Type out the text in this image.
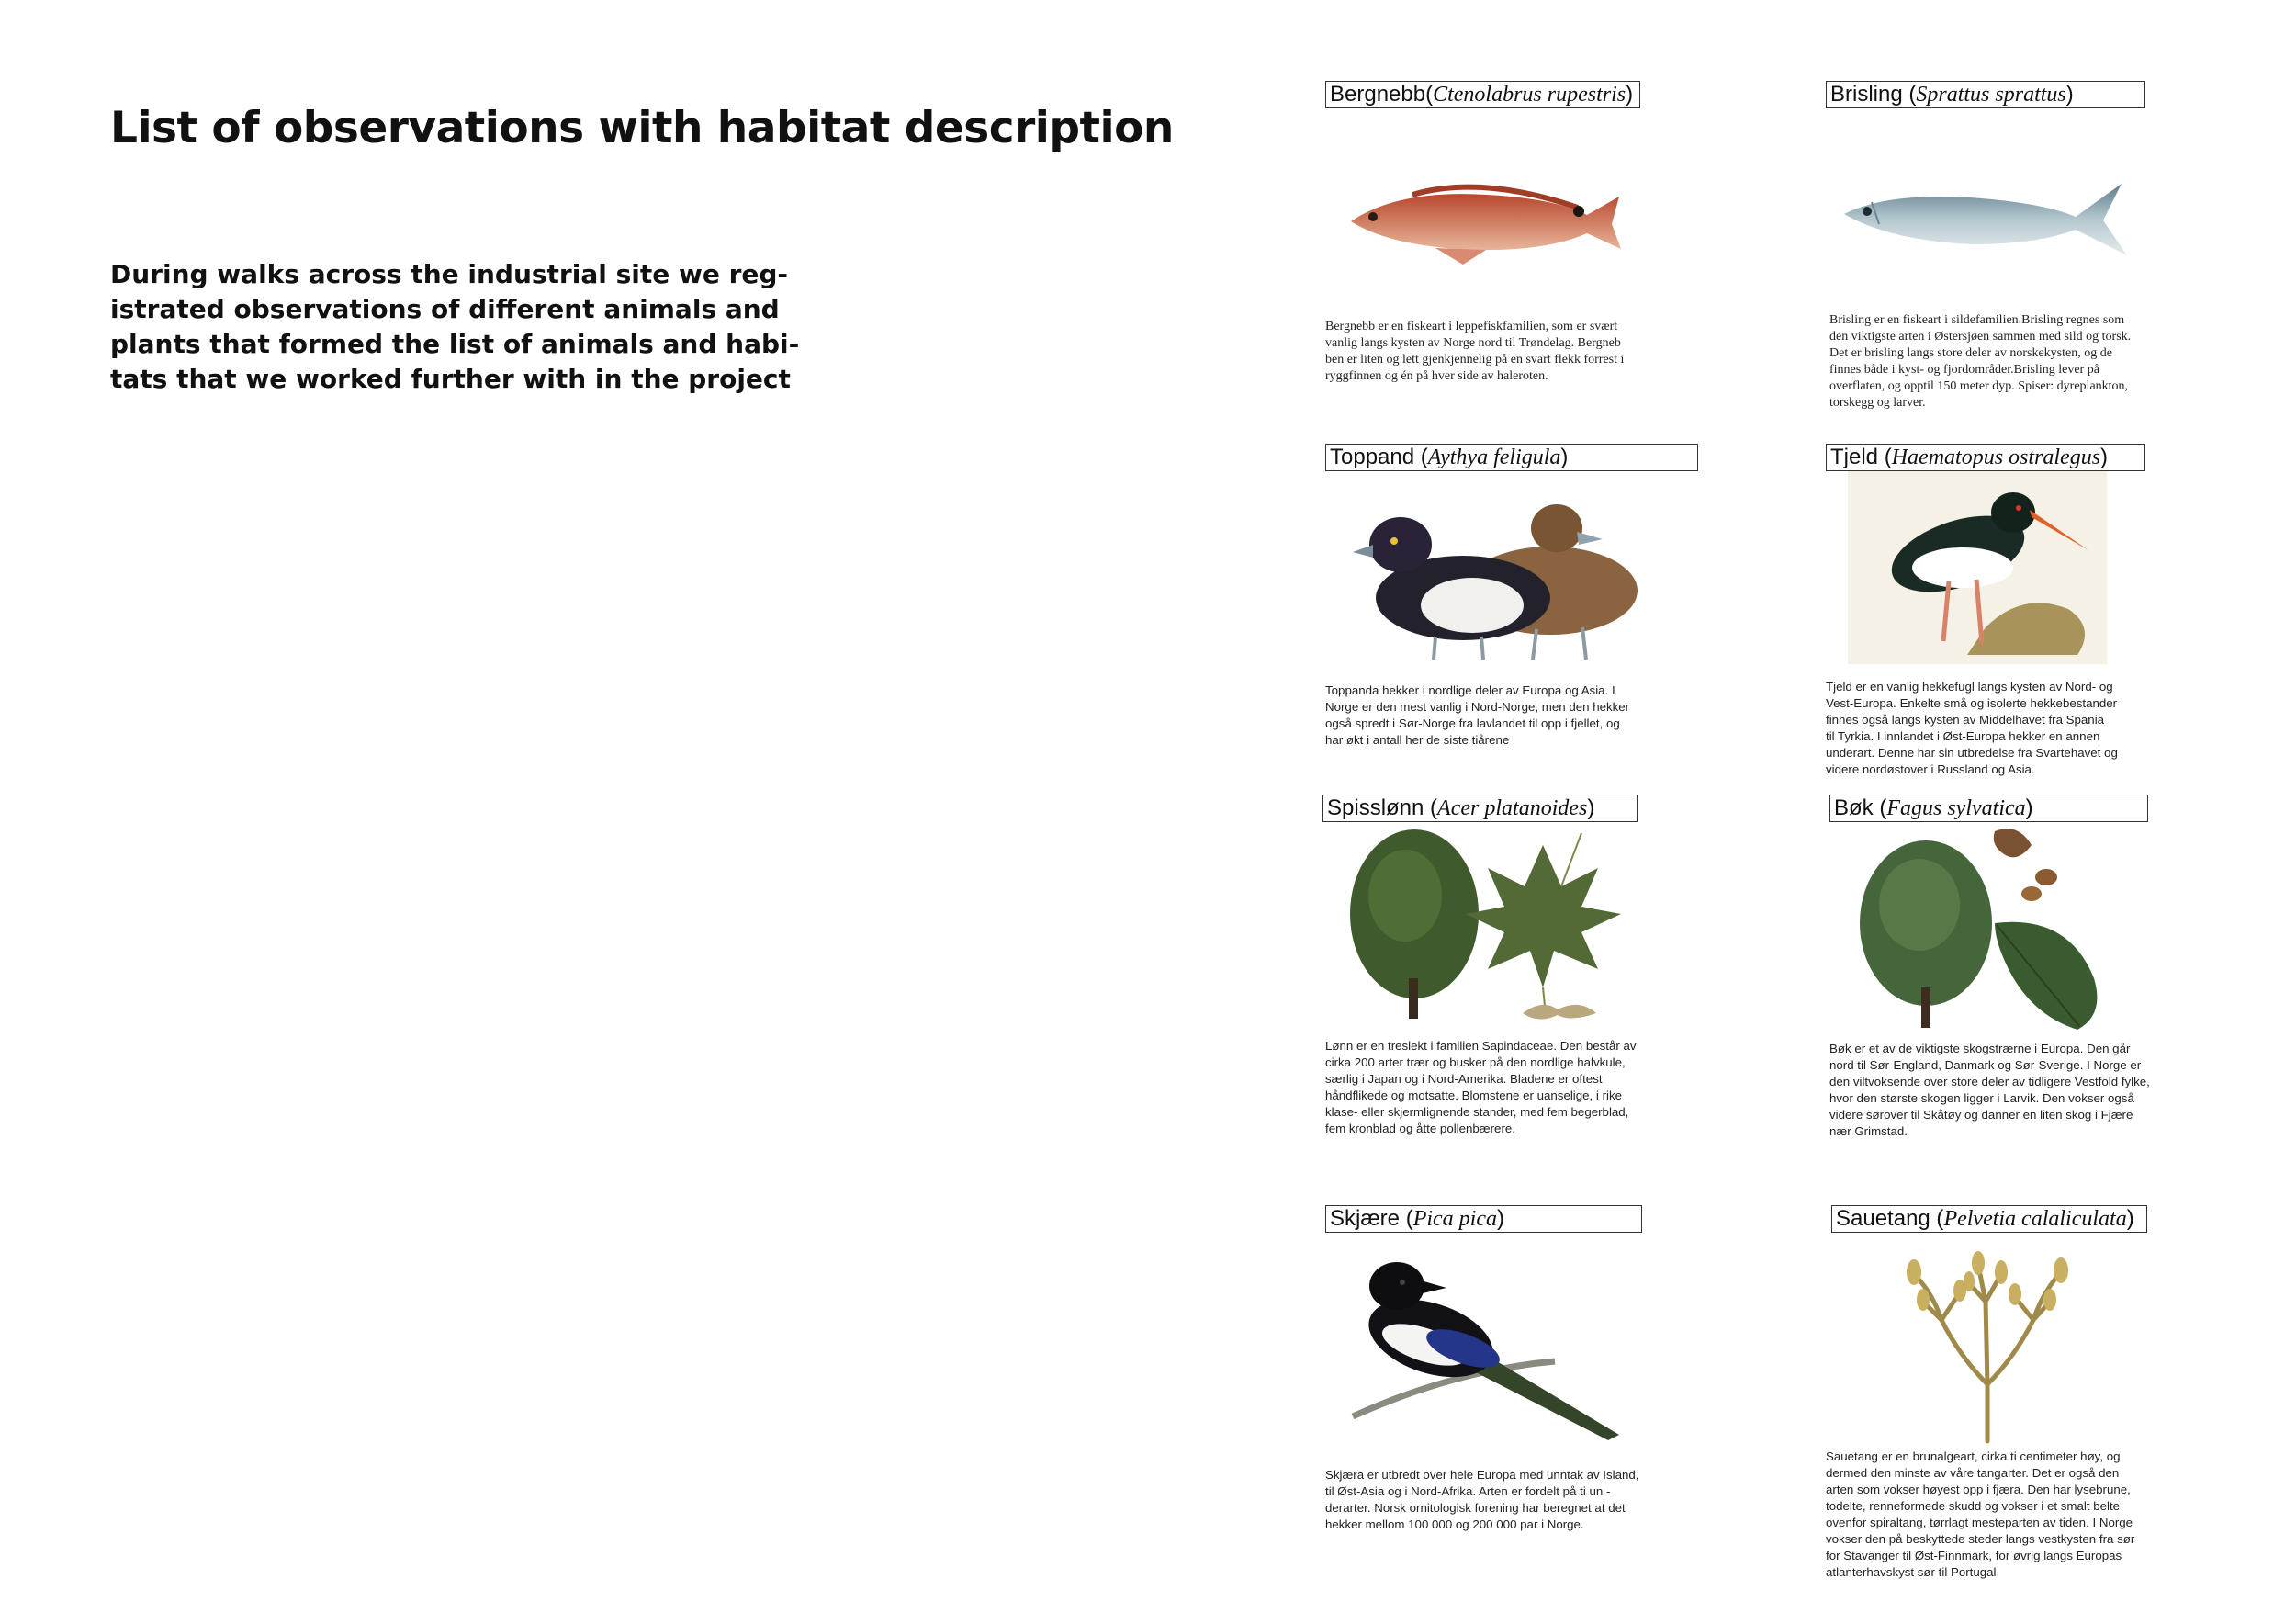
List of observations with habitat description
During walks across the industrial site we reg-
istrated observations of different animals and
plants that formed the list of animals and habi-
tats that we worked further with in the project
Bergnebb(Ctenolabrus rupestris)
Bergnebb er en fiskeart i leppefiskfamilien, som er svært
vanlig langs kysten av Norge nord til Trøndelag. Bergneb
ben er liten og lett gjenkjennelig på en svart flekk forrest i
ryggfinnen og én på hver side av haleroten.
Brisling (Sprattus sprattus)
Brisling er en fiskeart i sildefamilien.Brisling regnes som
den viktigste arten i Østersjøen sammen med sild og torsk.
Det er brisling langs store deler av norskekysten, og de
finnes både i kyst- og fjordområder.Brisling lever på
overflaten, og opptil 150 meter dyp. Spiser: dyreplankton,
torskegg og larver.
Toppand (Aythya feligula)
Toppanda hekker i nordlige deler av Europa og Asia. I
Norge er den mest vanlig i Nord-Norge, men den hekker
også spredt i Sør-Norge fra lavlandet til opp i fjellet, og
har økt i antall her de siste tiårene
Tjeld (Haematopus ostralegus)
Tjeld er en vanlig hekkefugl langs kysten av Nord- og
Vest-Europa. Enkelte små og isolerte hekkebestander
finnes også langs kysten av Middelhavet fra Spania
til Tyrkia. I innlandet i Øst-Europa hekker en annen
underart. Denne har sin utbredelse fra Svartehavet og
videre nordøstover i Russland og Asia.
Spisslønn (Acer platanoides)
Lønn er en treslekt i familien Sapindaceae. Den består av
cirka 200 arter trær og busker på den nordlige halvkule,
særlig i Japan og i Nord-Amerika. Bladene er oftest
håndflikede og motsatte. Blomstene er uanselige, i rike
klase- eller skjermlignende stander, med fem begerblad,
fem kronblad og åtte pollenbærere.
Bøk (Fagus sylvatica)
Bøk er et av de viktigste skogstrærne i Europa. Den går
nord til Sør-England, Danmark og Sør-Sverige. I Norge er
den viltvoksende over store deler av tidligere Vestfold fylke,
hvor den største skogen ligger i Larvik. Den vokser også
videre sørover til Skåtøy og danner en liten skog i Fjære
nær Grimstad.
Skjære (Pica pica)
Skjæra er utbredt over hele Europa med unntak av Island,
til Øst-Asia og i Nord-Afrika. Arten er fordelt på ti un -
derarter. Norsk ornitologisk forening har beregnet at det
hekker mellom 100 000 og 200 000 par i Norge.
Sauetang (Pelvetia calaliculata)
Sauetang er en brunalgeart, cirka ti centimeter høy, og
dermed den minste av våre tangarter. Det er også den
arten som vokser høyest opp i fjæra. Den har lysebrune,
todelte, renneformede skudd og vokser i et smalt belte
ovenfor spiraltang, tørrlagt mesteparten av tiden. I Norge
vokser den på beskyttede steder langs vestkysten fra sør
for Stavanger til Øst-Finnmark, for øvrig langs Europas
atlanterhavskyst sør til Portugal.
